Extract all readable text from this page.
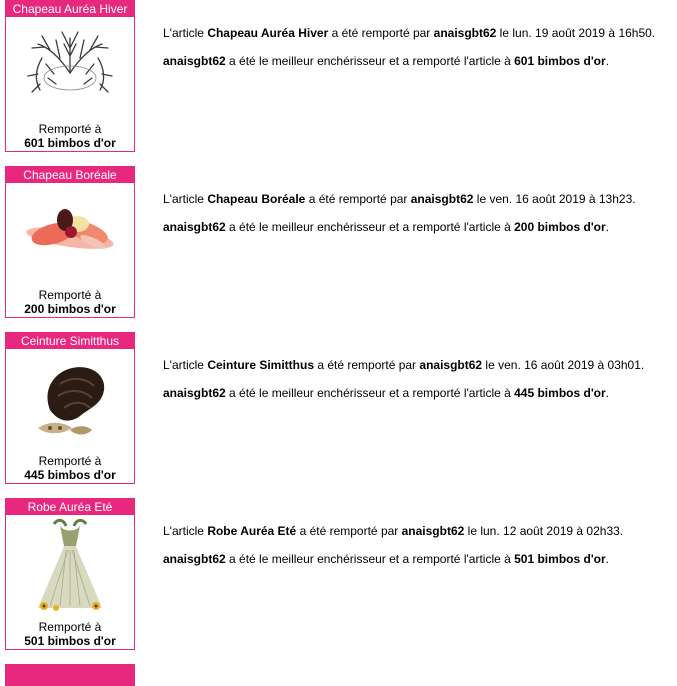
Chapeau Auréa Hiver
Remporté à
601 bimbos d'or

L'article Chapeau Auréa Hiver a été remporté par anaisgbt62 le lun. 19 août 2019 à 16h50.

anaisgbt62 a été le meilleur enchérisseur et a remporté l'article à 601 bimbos d'or.

Chapeau Boréale
Remporté à
200 bimbos d'or

L'article Chapeau Boréale a été remporté par anaisgbt62 le ven. 16 août 2019 à 13h23.

anaisgbt62 a été le meilleur enchérisseur et a remporté l'article à 200 bimbos d'or.

Ceinture Simitthus
Remporté à
445 bimbos d'or

L'article Ceinture Simitthus a été remporté par anaisgbt62 le ven. 16 août 2019 à 03h01.

anaisgbt62 a été le meilleur enchérisseur et a remporté l'article à 445 bimbos d'or.

Robe Auréa Eté
Remporté à
501 bimbos d'or

L'article Robe Auréa Eté a été remporté par anaisgbt62 le lun. 12 août 2019 à 02h33.

anaisgbt62 a été le meilleur enchérisseur et a remporté l'article à 501 bimbos d'or.
